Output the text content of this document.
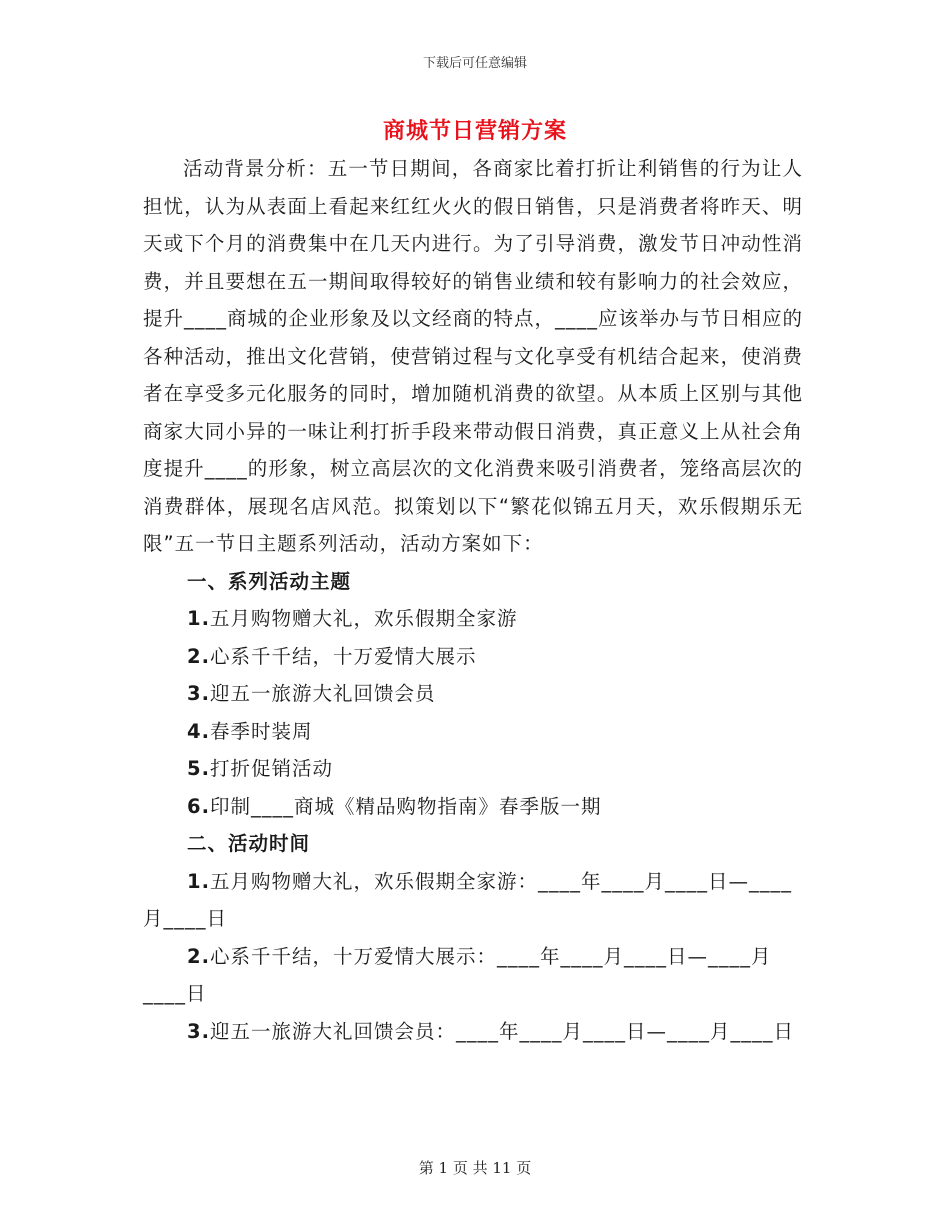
下载后可任意编辑
商城节日营销方案

活动背景分析：五一节日期间，各商家比着打折让利销售的行为让人担忧，认为从表面上看起来红红火火的假日销售，只是消费者将昨天、明天或下个月的消费集中在几天内进行。为了引导消费，激发节日冲动性消费，并且要想在五一期间取得较好的销售业绩和较有影响力的社会效应，提升____商城的企业形象及以文经商的特点，____应该举办与节日相应的各种活动，推出文化营销，使营销过程与文化享受有机结合起来，使消费者在享受多元化服务的同时，增加随机消费的欲望。从本质上区别与其他商家大同小异的一味让利打折手段来带动假日消费，真正意义上从社会角度提升____的形象，树立高层次的文化消费来吸引消费者，笼络高层次的消费群体，展现名店风范。拟策划以下“繁花似锦五月天，欢乐假期乐无限”五一节日主题系列活动，活动方案如下：

一、系列活动主题

1.五月购物赠大礼，欢乐假期全家游

2.心系千千结，十万爱情大展示

3.迎五一旅游大礼回馈会员

4.春季时装周

5.打折促销活动

6.印制____商城《精品购物指南》春季版一期

二、活动时间

1.五月购物赠大礼，欢乐假期全家游：____年____月____日—____月____日

2.心系千千结，十万爱情大展示：____年____月____日—____月____日

3.迎五一旅游大礼回馈会员：____年____月____日—____月____日

第 1 页 共 11 页
